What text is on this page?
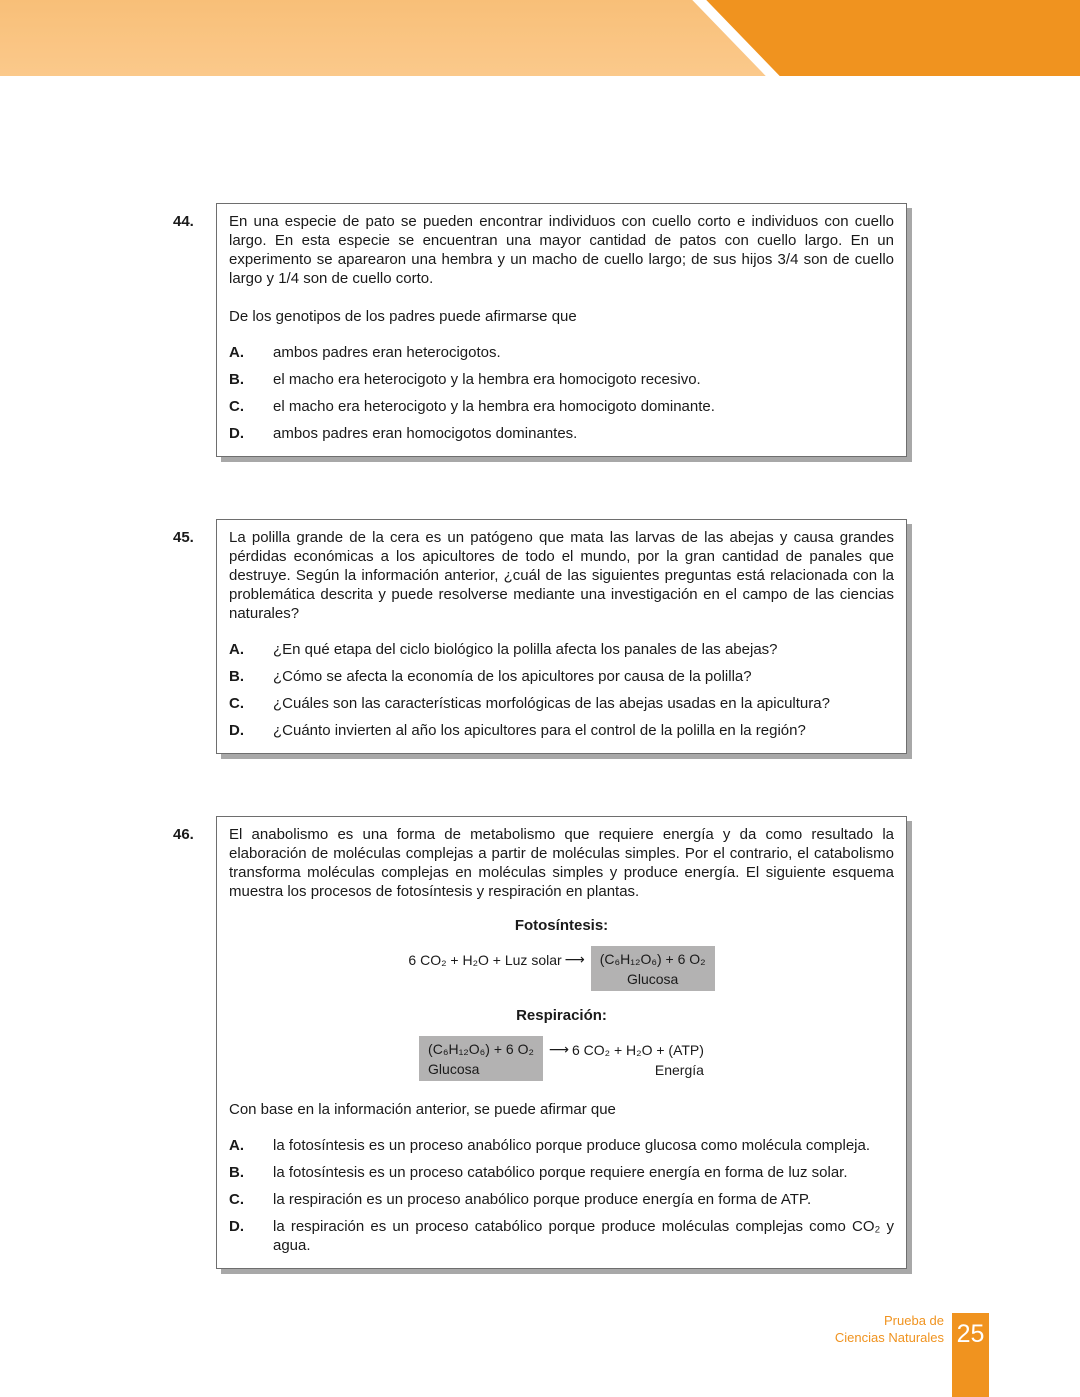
44.	En una especie de pato se pueden encontrar individuos con cuello corto e individuos con cuello largo. En esta especie se encuentran una mayor cantidad de patos con cuello largo. En un experimento se aparearon una hembra y un macho de cuello largo; de sus hijos 3/4 son de cuello largo y 1/4 son de cuello corto.

De los genotipos de los padres puede afirmarse que

A.	ambos padres eran heterocigotos.
B.	el macho era heterocigoto y la hembra era homocigoto recesivo.
C.	el macho era heterocigoto y la hembra era homocigoto dominante.
D.	ambos padres eran homocigotos dominantes.
45.	La polilla grande de la cera es un patógeno que mata las larvas de las abejas y causa grandes pérdidas económicas a los apicultores de todo el mundo, por la gran cantidad de panales que destruye. Según la información anterior, ¿cuál de las siguientes preguntas está relacionada con la problemática descrita y puede resolverse mediante una investigación en el campo de las ciencias naturales?

A.	¿En qué etapa del ciclo biológico la polilla afecta los panales de las abejas?
B.	¿Cómo se afecta la economía de los apicultores por causa de la polilla?
C.	¿Cuáles son las características morfológicas de las abejas usadas en la apicultura?
D.	¿Cuánto invierten al año los apicultores para el control de la polilla en la región?
46.	El anabolismo es una forma de metabolismo que requiere energía y da como resultado la elaboración de moléculas complejas a partir de moléculas simples. Por el contrario, el catabolismo transforma moléculas complejas en moléculas simples y produce energía. El siguiente esquema muestra los procesos de fotosíntesis y respiración en plantas.

Fotosíntesis:

6 CO₂ + H₂O + Luz solar ⟶ (C₆H₁₂O₆) + 6 O₂
Glucosa

Respiración:

(C₆H₁₂O₆) + 6 O₂
Glucosa
⟶ 6 CO₂ + H₂O + (ATP)
Energía

Con base en la información anterior, se puede afirmar que

A.	la fotosíntesis es un proceso anabólico porque produce glucosa como molécula compleja.
B.	la fotosíntesis es un proceso catabólico porque requiere energía en forma de luz solar.
C.	la respiración es un proceso anabólico porque produce energía en forma de ATP.
D.	la respiración es un proceso catabólico porque produce moléculas complejas como CO₂ y agua.
Prueba de
Ciencias Naturales 25
